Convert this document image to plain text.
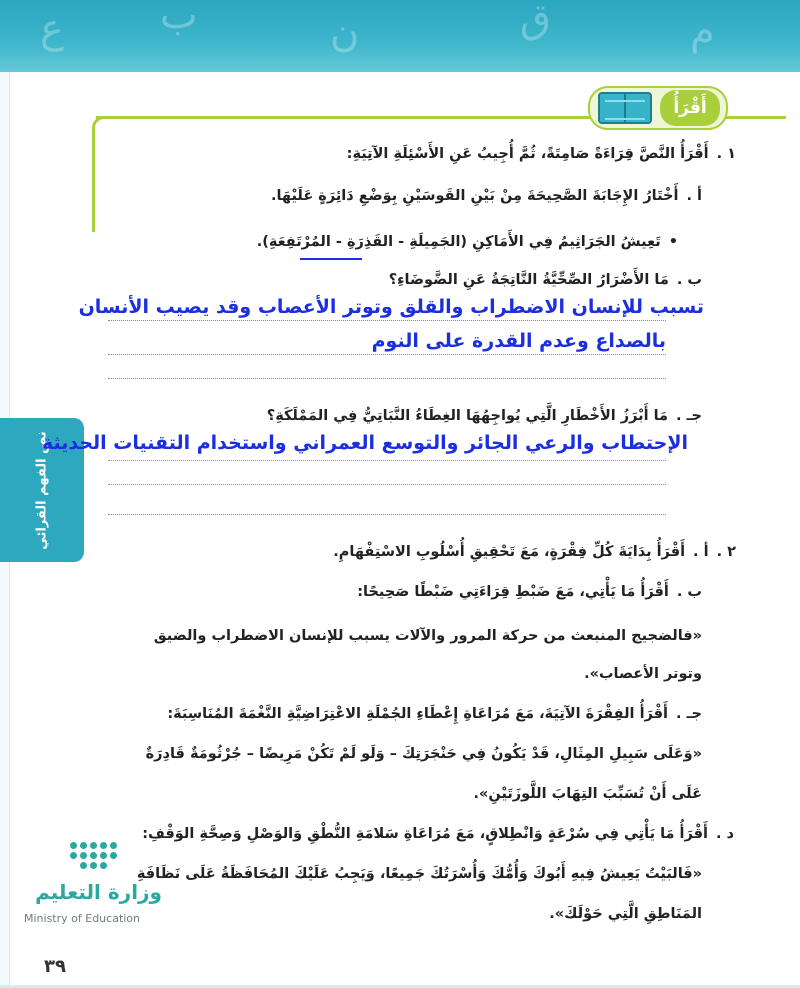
ع ب	ن	ق	م
نص الفهم القرائي
أَقْرَأُ
١ .أَقْرَأُ النَّصَّ قِرَاءَةً صَامِتَةً، ثُمَّ أُجِيبُ عَنِ الأَسْئِلَةِ الآتِيَةِ:
أ .أَخْتَارُ الإِجَابَةَ الصَّحِيحَةَ مِنْ بَيْنِ القَوسَيْنِ بِوَضْعِ دَائِرَةٍ عَلَيْهَا.
•تَعِيشُ الجَرَاثِيمُ فِي الأَمَاكِنِ (الجَمِيلَةِ - القَذِرَةِ - المُرْتَفِعَةِ).
ب .مَا الأَضْرَارُ الصِّحِّيَّةُ النَّاتِجَةُ عَنِ الضَّوضَاءِ؟
تسبب للإنسان الاضطراب والقلق وتوتر الأعصاب وقد يصيب الأنسان
بالصداع وعدم القدرة على النوم
جـ .مَا أَبْرَزُ الأَخْطَارِ الَّتِي يُواجِهُهَا الغِطَاءُ النَّبَاتِيُّ فِي المَمْلَكَةِ؟
الإحتطاب والرعي الجائر والتوسع العمراني واستخدام التقنيات الحديثة
٢ .أ .أَقْرَأُ بِدَايَةَ كُلِّ فِقْرَةٍ، مَعَ تَحْقِيقِ أُسْلُوبِ الاسْتِفْهَامِ.
ب .أَقْرَأُ مَا يَأْتِي، مَعَ ضَبْطِ قِرَاءَتِي ضَبْطًا صَحِيحًا:
«فالضجيج المنبعث من حركة المرور والآلات يسبب للإنسان الاضطراب والضيق
وتوتر الأعصاب».
جـ .أَقْرَأُ الفِقْرَةَ الآتِيَةَ، مَعَ مُرَاعَاةِ إِعْطَاءِ الجُمْلَةِ الاعْتِرَاضِيَّةِ النَّغْمَةَ المُنَاسِبَةَ:
«وَعَلَى سَبِيلِ المِثَالِ، قَدْ يَكُونُ فِي حَنْجَرَتِكَ – وَلَو لَمْ تَكُنْ مَرِيضًا – جُرْثُومَةٌ قَادِرَةٌ
عَلَى أَنْ تُسَبِّبَ التِهَابَ اللَّوزَتَيْنِ».
د .أَقْرَأُ مَا يَأْتِي فِي سُرْعَةٍ وَانْطِلاقٍ، مَعَ مُرَاعَاةِ سَلامَةِ النُّطْقِ وَالوَصْلِ وَصِحَّةِ الوَقْفِ:
«فَالبَيْتُ يَعِيشُ فِيهِ أَبُوكَ وَأُمُّكَ وَأُسْرَتُكَ جَمِيعًا، وَيَجِبُ عَلَيْكَ المُحَافَظَةُ عَلَى نَظَافَةِ
المَنَاطِقِ الَّتِي حَوْلَكَ».
وزارة التعليم
Ministry of Education
٣٩
